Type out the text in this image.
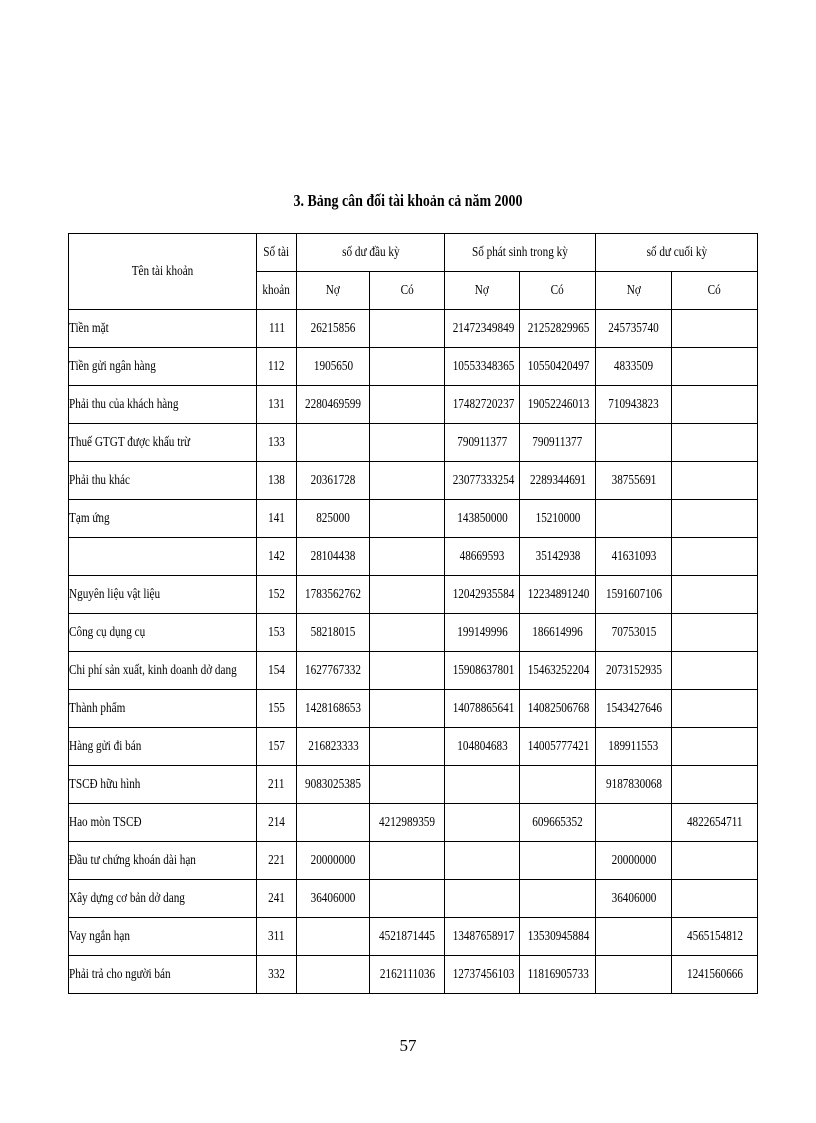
3. Bảng cân đối tài khoản cả năm 2000
Tên tài khoản	Số tài	số dư đầu kỳ		Số phát sinh trong kỳ		số dư cuối kỳ	
	khoản	Nợ	Có	Nợ	Có	Nợ	Có
Tiền mặt	111	26215856		21472349849	21252829965	245735740	
Tiền gửi ngân hàng	112	1905650		10553348365	10550420497	4833509	
Phải thu của khách hàng	131	2280469599		17482720237	19052246013	710943823	
Thuế GTGT được khấu trừ	133			790911377	790911377		
Phải thu khác	138	20361728		23077333254	2289344691	38755691	
Tạm ứng	141	825000		143850000	15210000		
	142	28104438		48669593	35142938	41631093	
Nguyên liệu vật liệu	152	1783562762		12042935584	12234891240	1591607106	
Công cụ dụng cụ	153	58218015		199149996	186614996	70753015	
Chi phí sản xuất, kinh doanh dở dang	154	1627767332		15908637801	15463252204	2073152935	
Thành phẩm	155	1428168653		14078865641	14082506768	1543427646	
Hàng gửi đi bán	157	216823333		104804683	14005777421	189911553	
TSCĐ hữu hình	211	9083025385				9187830068	
Hao mòn TSCĐ	214		4212989359		609665352		4822654711
Đầu tư chứng khoán dài hạn	221	20000000				20000000	
Xây dựng cơ bản dở dang	241	36406000				36406000	
Vay ngắn hạn	311		4521871445	13487658917	13530945884		4565154812
Phải trả cho người bán	332		2162111036	12737456103	11816905733		1241560666
57
